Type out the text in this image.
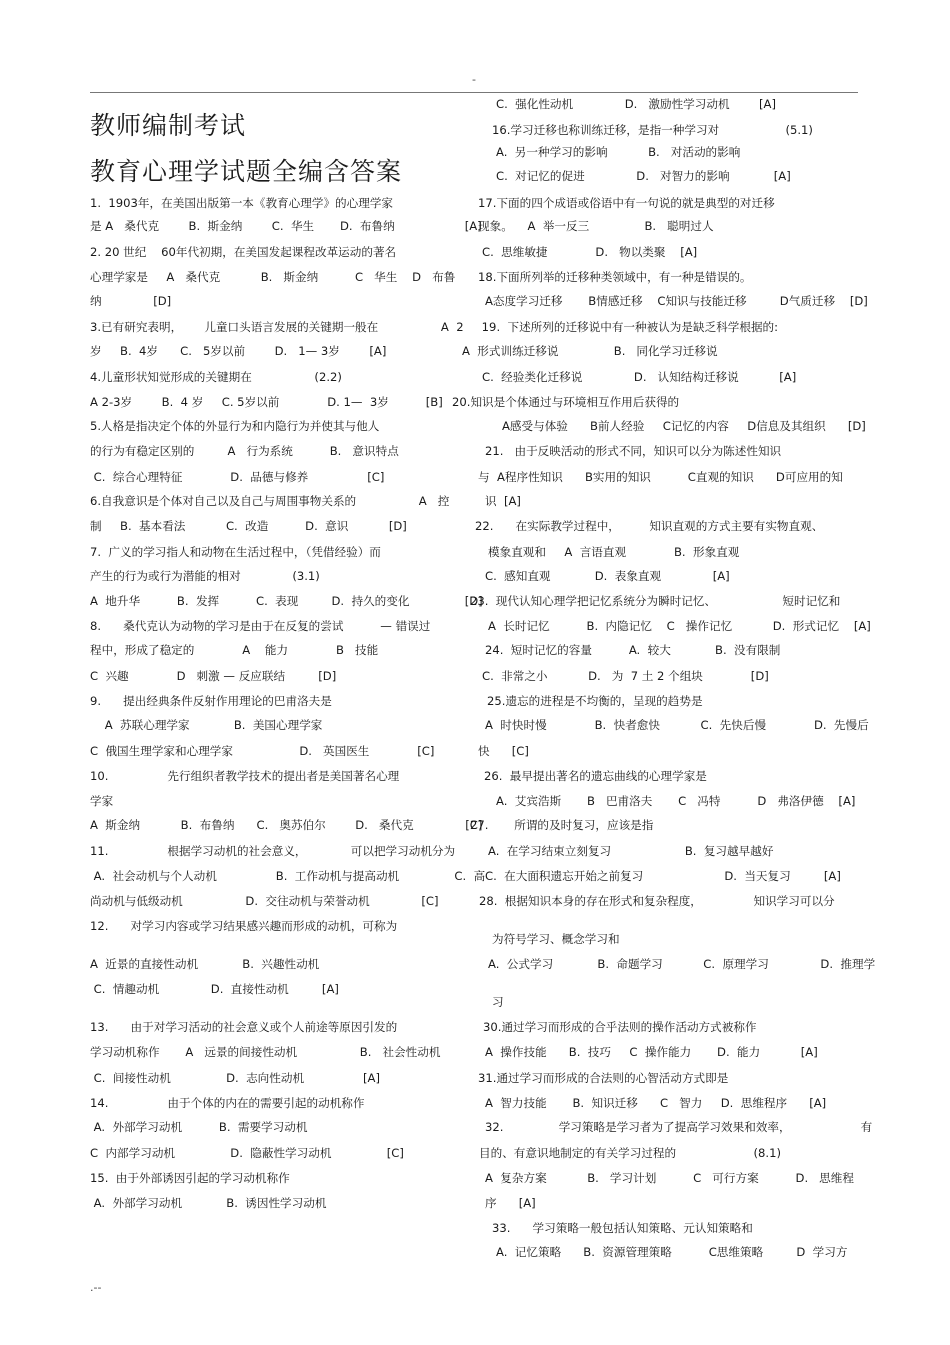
-
教师编制考试
教育心理学试题全编含答案
1.  1903年，在美国出版第一本《教育心理学》的心理学家
是 A   桑代克        B.  斯金纳        C.  华生       D.  布鲁纳                   [A]
2. 20 世纪    60年代初期，在美国发起课程改革运动的著名
心理学家是     A   桑代克           B.   斯金纳          C   华生    D   布鲁
纳              [D]
3.已有研究表明，      儿童口头语言发展的关键期一般在                 A  2
岁     B.  4岁      C.   5岁以前        D.   1— 3岁        [A]
4.儿童形状知觉形成的关键期在                 (2.2)
A 2-3岁        B.  4 岁     C. 5岁以前             D. 1—  3岁          [B]
5.人格是指决定个体的外显行为和内隐行为并使其与他人
的行为有稳定区别的         A   行为系统          B.   意识特点
C.  综合心理特征             D.  品德与修养                [C]
6.自我意识是个体对自己以及自己与周围事物关系的                 A   控
制     B.  基本看法           C.  改造          D.  意识           [D]
7.  广义的学习指人和动物在生活过程中，（凭借经验）而
产生的行为或行为潜能的相对              (3.1)
A  地升华          B.  发挥          C.  表现         D.  持久的变化               [D]
8.      桑代克认为动物的学习是由于在反复的尝试          — 错误过
程中，形成了稳定的             A    能力             B   技能
C  兴趣             D   刺激 — 反应联结         [D]
9.      提出经典条件反射作用理论的巴甫洛夫是
A  苏联心理学家            B.  美国心理学家
C  俄国生理学家和心理学家                  D.   英国医生             [C]
10.                先行组织者教学技术的提出者是美国著名心理
学家
A  斯金纳           B.  布鲁纳      C.   奥苏伯尔        D.   桑代克              [C]
11.                根据学习动机的社会意义，            可以把学习动机分为
A.  社会动机与个人动机                B.  工作动机与提高动机               C.  高
尚动机与低级动机                 D.  交往动机与荣誉动机              [C]
12.      对学习内容或学习结果感兴趣而形成的动机，可称为
A  近景的直接性动机            B.  兴趣性动机
C.  情趣动机              D.  直接性动机         [A]
13.      由于对学习活动的社会意义或个人前途等原因引发的
学习动机称作       A   远景的间接性动机                 B.   社会性动机
C.  间接性动机               D.  志向性动机                [A]
14.                由于个体的内在的需要引起的动机称作
A.  外部学习动机          B.  需要学习动机
C  内部学习动机               D.  隐蔽性学习动机               [C]
15.  由于外部诱因引起的学习动机称作
A.  外部学习动机            B.  诱因性学习动机
C.  强化性动机              D.   激励性学习动机        [A]
16.学习迁移也称训练迁移，是指一种学习对                  (5.1)
A.  另一种学习的影响           B.   对活动的影响
C.  对记忆的促进              D.   对智力的影响            [A]
17.下面的四个成语或俗语中有一句说的就是典型的对迁移
现象。    A  举一反三               B.   聪明过人
C.  思维敏捷             D.   物以类聚    [A]
18.下面所列举的迁移种类领域中，有一种是错误的。
A态度学习迁移       B情感迁移    C知识与技能迁移         D气质迁移    [D]
19.  下述所列的迁移说中有一种被认为是缺乏科学根据的:
A  形式训练迁移说               B.   同化学习迁移说
C.  经验类化迁移说              D.   认知结构迁移说           [A]
20.知识是个体通过与环境相互作用后获得的
A感受与体验      B前人经验     C记忆的内容     D信息及其组织      [D]
21.   由于反映活动的形式不同，知识可以分为陈述性知识
与  A程序性知识      B实用的知识          C直观的知识      D可应用的知
识  [A]
22.      在实际教学过程中，        知识直观的方式主要有实物直观、
模象直观和     A  言语直观             B.  形象直观
C.  感知直观            D.  表象直观              [A]
23.  现代认知心理学把记忆系统分为瞬时记忆、                  短时记忆和
A  长时记忆          B.  内隐记忆    C   操作记忆           D.  形式记忆    [A]
24.  短时记忆的容量          A.  较大            B.  没有限制
C.  非常之小           D.   为  7 土 2 个组块             [D]
25.遗忘的进程是不均衡的，呈现的趋势是
A  时快时慢             B.  快者愈快           C.  先快后慢             D.  先慢后
快      [C]
26.  最早提出著名的遗忘曲线的心理学家是
A.  艾宾浩斯       B   巴甫洛夫       C   冯特          D   弗洛伊德    [A]
27.       所谓的及时复习，应该是指
A.  在学习结束立刻复习                    B.  复习越早越好
C.  在大面积遗忘开始之前复习                      D.  当天复习         [A]
28.  根据知识本身的存在形式和复杂程度，              知识学习可以分
为符号学习、概念学习和
A.  公式学习            B.  命题学习           C.  原理学习              D.  推理学
习
30.通过学习而形成的合乎法则的操作活动方式被称作
A  操作技能      B.  技巧     C  操作能力       D.  能力           [A]
31.通过学习而形成的合法则的心智活动方式即是
A  智力技能       B.  知识迁移      C   智力     D.  思维程序      [A]
32.               学习策略是学习者为了提高学习效果和效率，                   有
目的、有意识地制定的有关学习过程的                     (8.1)
A  复杂方案           B.   学习计划          C   可行方案          D.   思维程
序      [A]
33.      学习策略一般包括认知策略、元认知策略和
A.  记忆策略      B.  资源管理策略          C思维策略         D  学习方
.--
